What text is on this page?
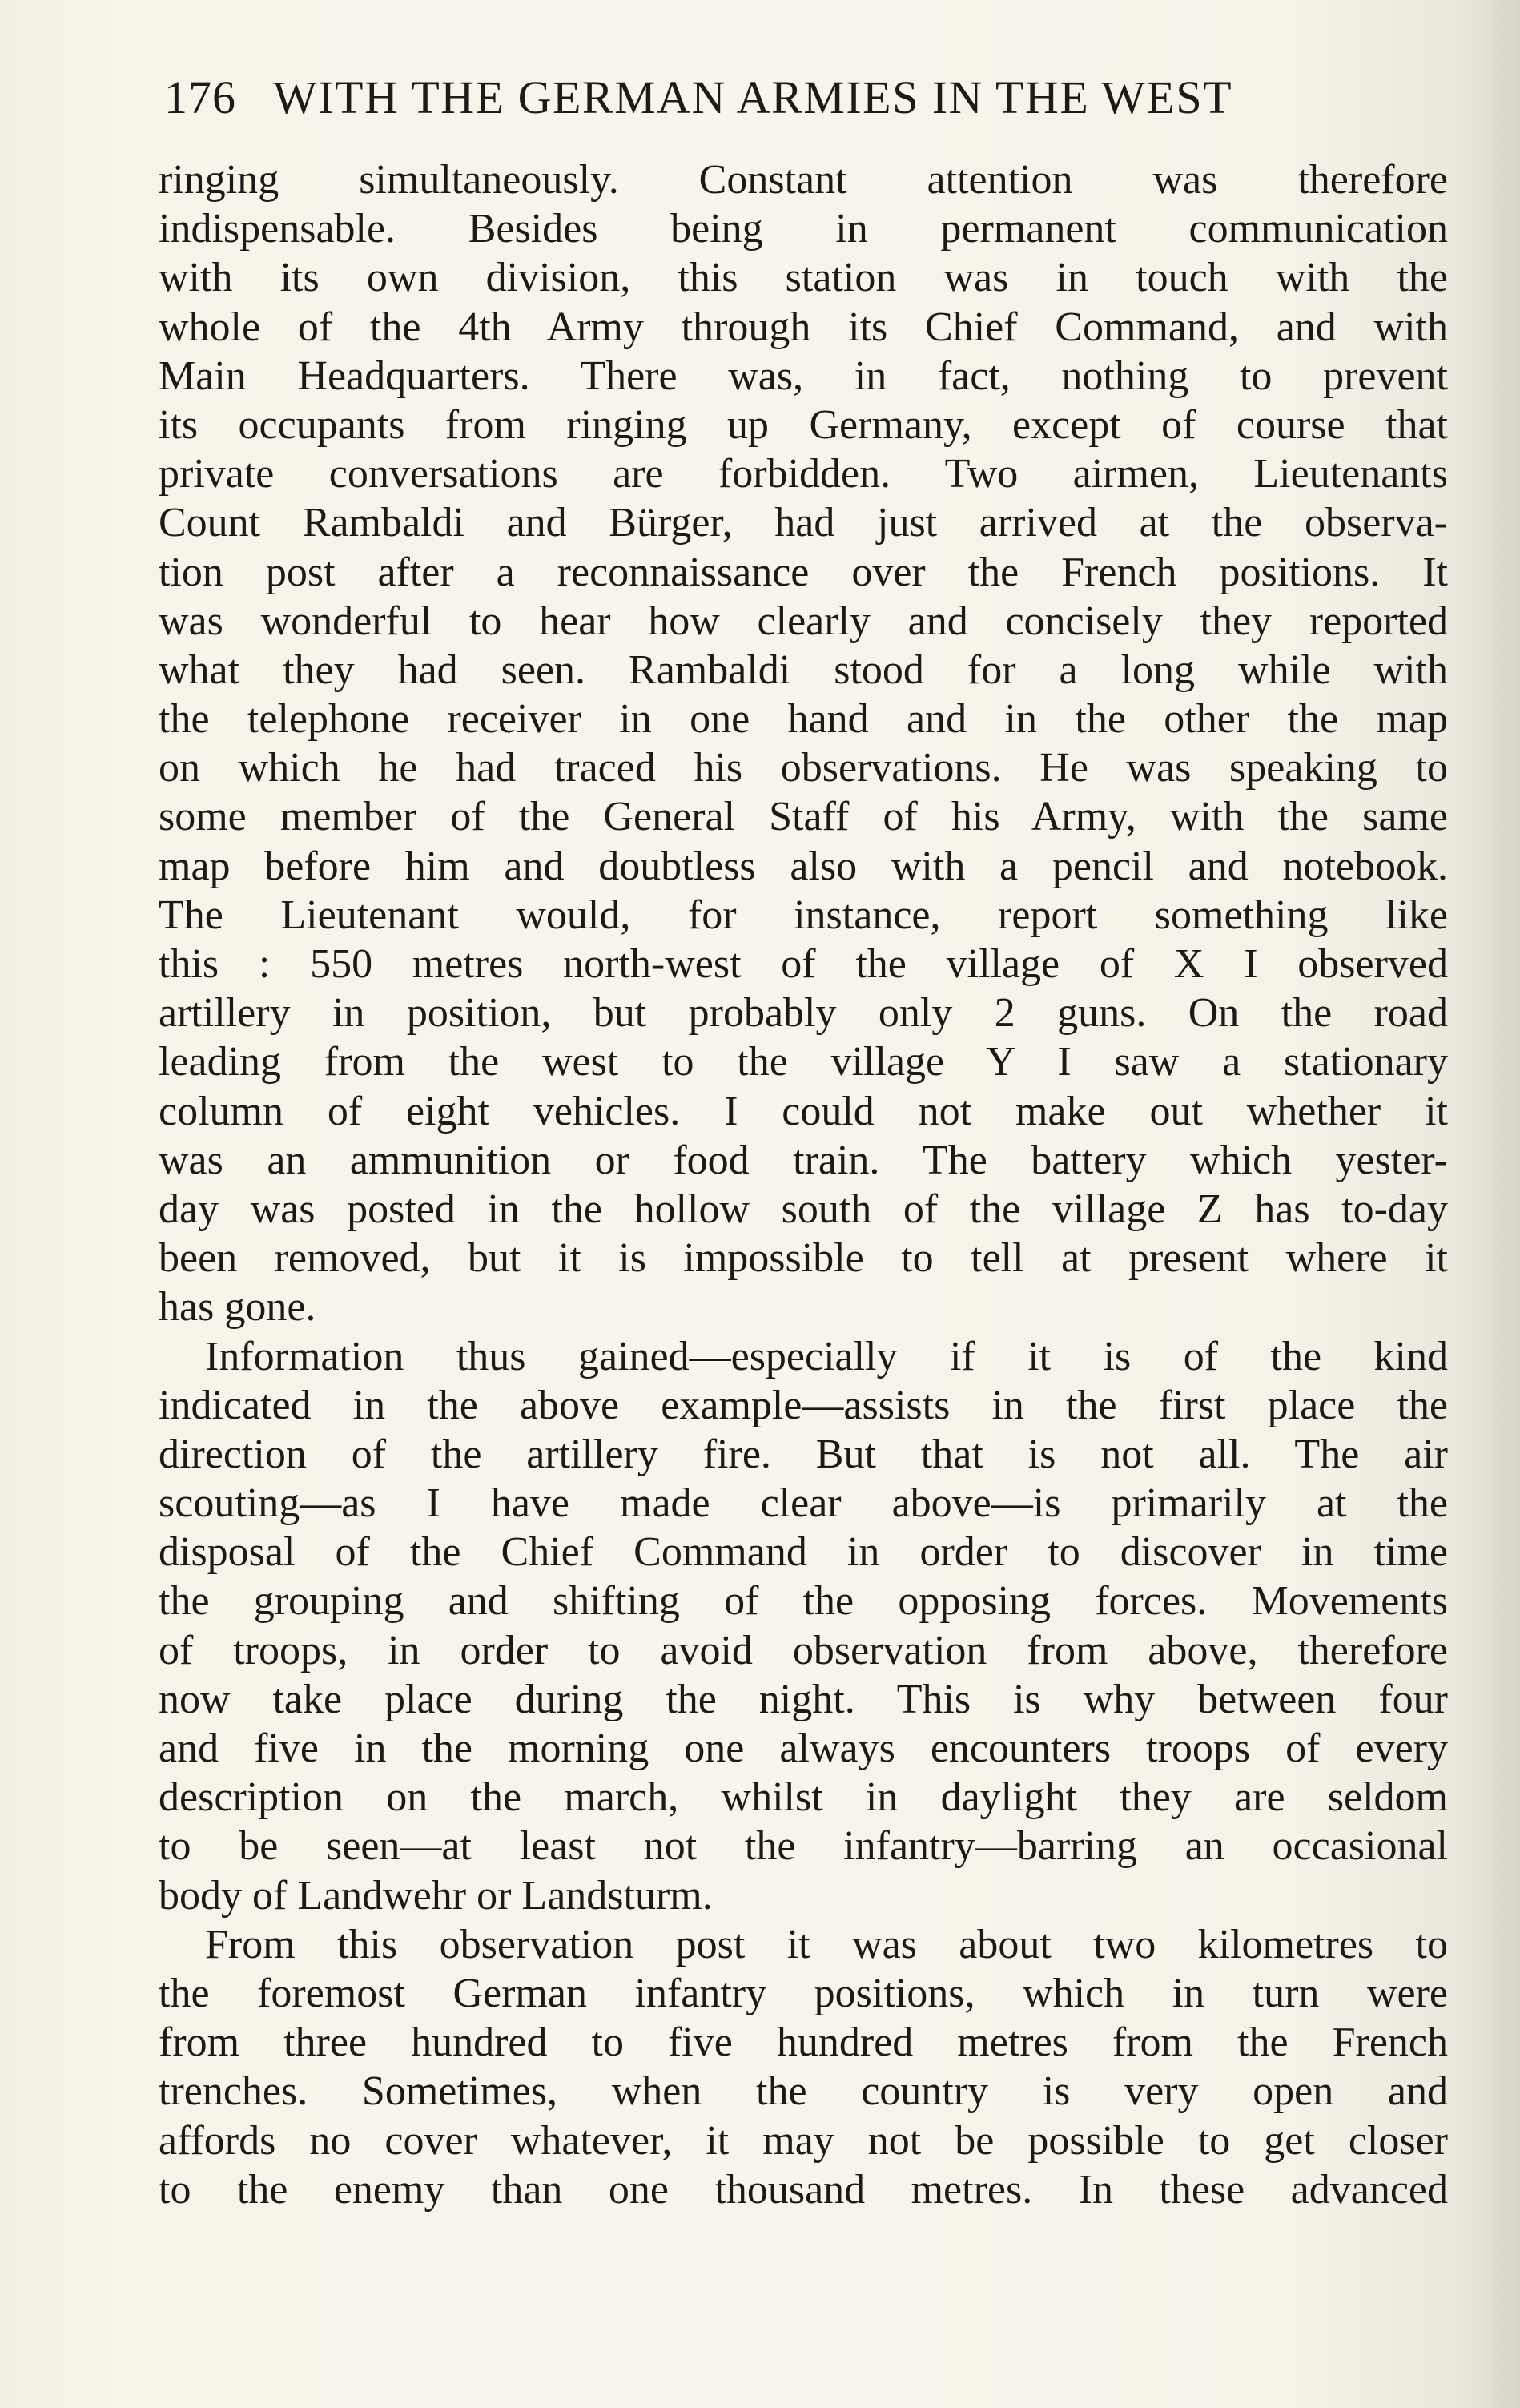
176 WITH THE GERMAN ARMIES IN THE WEST
ringing simultaneously. Constant attention was therefore
indispensable. Besides being in permanent communication
with its own division, this station was in touch with the
whole of the 4th Army through its Chief Command, and with
Main Headquarters. There was, in fact, nothing to prevent
its occupants from ringing up Germany, except of course that
private conversations are forbidden. Two airmen, Lieutenants
Count Rambaldi and Bürger, had just arrived at the observa-
tion post after a reconnaissance over the French positions. It
was wonderful to hear how clearly and concisely they reported
what they had seen. Rambaldi stood for a long while with
the telephone receiver in one hand and in the other the map
on which he had traced his observations. He was speaking to
some member of the General Staff of his Army, with the same
map before him and doubtless also with a pencil and notebook.
The Lieutenant would, for instance, report something like
this : 550 metres north-west of the village of X I observed
artillery in position, but probably only 2 guns. On the road
leading from the west to the village Y I saw a stationary
column of eight vehicles. I could not make out whether it
was an ammunition or food train. The battery which yester-
day was posted in the hollow south of the village Z has to-day
been removed, but it is impossible to tell at present where it
has gone.
Information thus gained—especially if it is of the kind
indicated in the above example—assists in the first place the
direction of the artillery fire. But that is not all. The air
scouting—as I have made clear above—is primarily at the
disposal of the Chief Command in order to discover in time
the grouping and shifting of the opposing forces. Movements
of troops, in order to avoid observation from above, therefore
now take place during the night. This is why between four
and five in the morning one always encounters troops of every
description on the march, whilst in daylight they are seldom
to be seen—at least not the infantry—barring an occasional
body of Landwehr or Landsturm.
From this observation post it was about two kilometres to
the foremost German infantry positions, which in turn were
from three hundred to five hundred metres from the French
trenches. Sometimes, when the country is very open and
affords no cover whatever, it may not be possible to get closer
to the enemy than one thousand metres. In these advanced
